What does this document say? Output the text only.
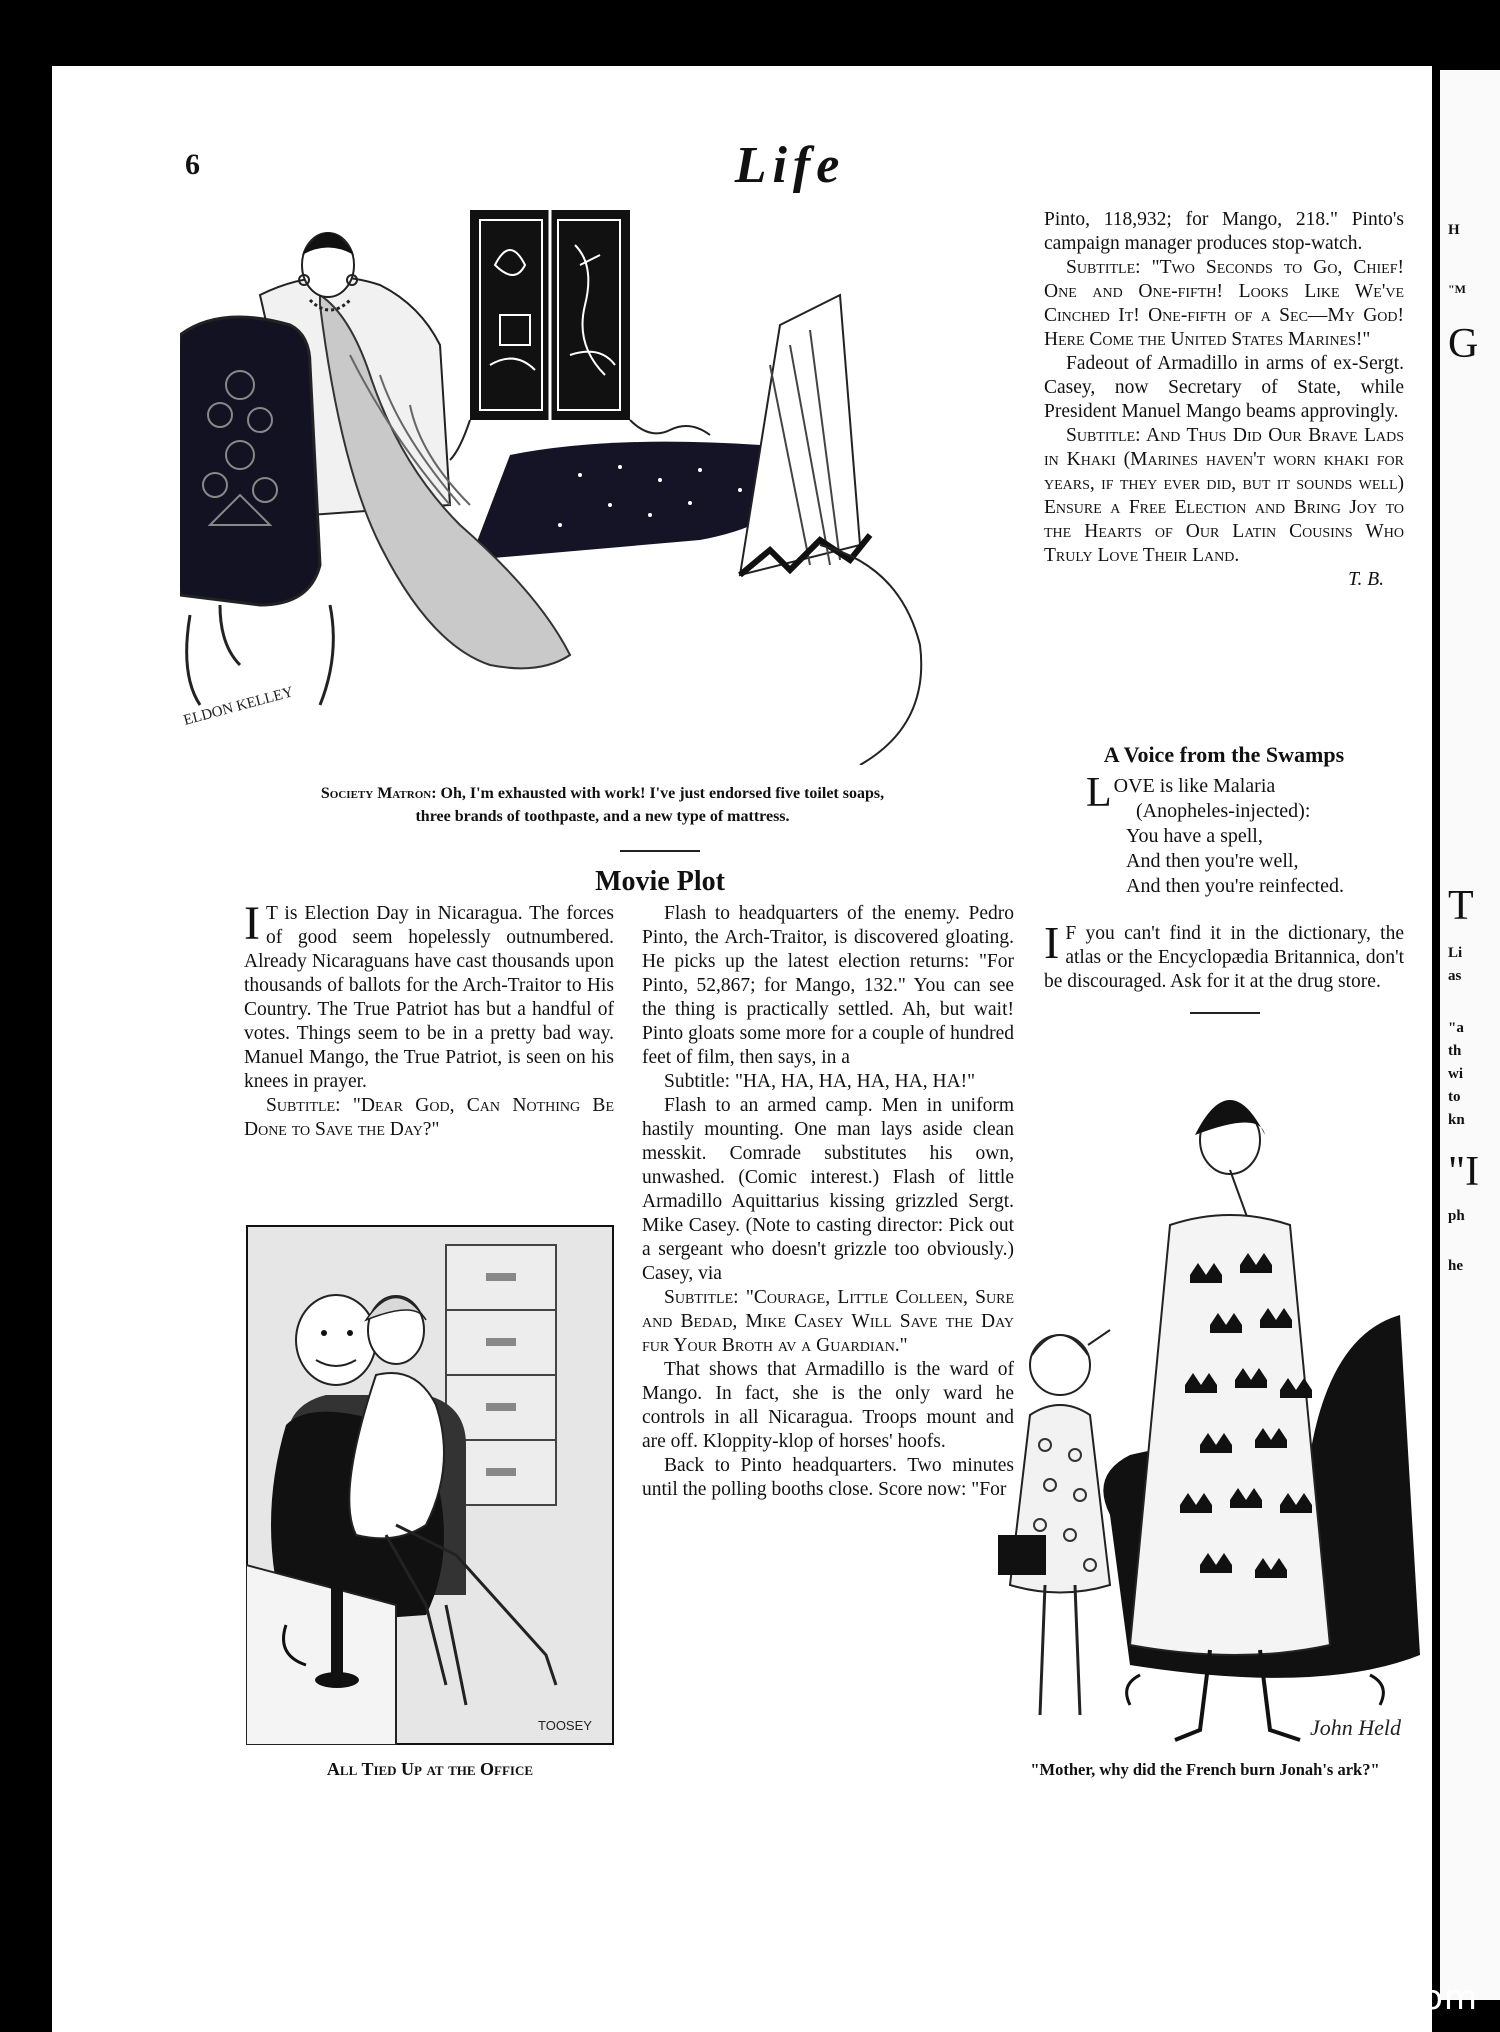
H
"M
G
T
Li
as
"a
th
wi
to
kn
"I
ph
he
6	Life
ELDON KELLEY
Society Matron: Oh, I'm exhausted with work! I've just endorsed five toilet soaps,
three brands of toothpaste, and a new type of mattress.
Movie Plot

I T is Election Day in Nicaragua. The forces of good seem hopelessly outnumbered. Already Nicaraguans have cast thousands upon thousands of ballots for the Arch-Traitor to His Country. The True Patriot has but a handful of votes. Things seem to be in a pretty bad way. Manuel Mango, the True Patriot, is seen on his knees in prayer.

Subtitle: "Dear God, Can Nothing Be Done to Save the Day?"

TOOSEY
All Tied Up at the Office

Flash to headquarters of the enemy. Pedro Pinto, the Arch-Traitor, is discovered gloating. He picks up the latest election returns: "For Pinto, 52,867; for Mango, 132." You can see the thing is practically settled. Ah, but wait! Pinto gloats some more for a couple of hundred feet of film, then says, in a

Subtitle: "HA, HA, HA, HA, HA, HA!"

Flash to an armed camp. Men in uniform hastily mounting. One man lays aside clean messkit. Comrade substitutes his own, unwashed. (Comic interest.) Flash of little Armadillo Aquittarius kissing grizzled Sergt. Mike Casey. (Note to casting director: Pick out a sergeant who doesn't grizzle too obviously.) Casey, via

Subtitle: "Courage, Little Colleen, Sure and Bedad, Mike Casey Will Save the Day fur Your Broth av a Guardian."

That shows that Armadillo is the ward of Mango. In fact, she is the only ward he controls in all Nicaragua. Troops mount and are off. Kloppity-klop of horses' hoofs.

Back to Pinto headquarters. Two minutes until the polling booths close. Score now: "For

Pinto, 118,932; for Mango, 218." Pinto's campaign manager produces stop-watch.

Subtitle: "Two Seconds to Go, Chief! One and One-fifth! Looks Like We've Cinched It! One-fifth of a Sec—My God! Here Come the United States Marines!"

Fadeout of Armadillo in arms of ex-Sergt. Casey, now Secretary of State, while President Manuel Mango beams approvingly.

Subtitle: And Thus Did Our Brave Lads in Khaki (Marines haven't worn khaki for years, if they ever did, but it sounds well) Ensure a Free Election and Bring Joy to the Hearts of Our Latin Cousins Who Truly Love Their Land.

T. B.

A Voice from the Swamps
LOVE is like Malaria
(Anopheles-injected):
You have a spell,
And then you're well,
And then you're reinfected.

I F you can't find it in the dictionary, the atlas or the Encyclopædia Britannica, don't be discouraged. Ask for it at the drug store.

John Held
"Mother, why did the French burn Jonah's ark?"
comicbooks.com
